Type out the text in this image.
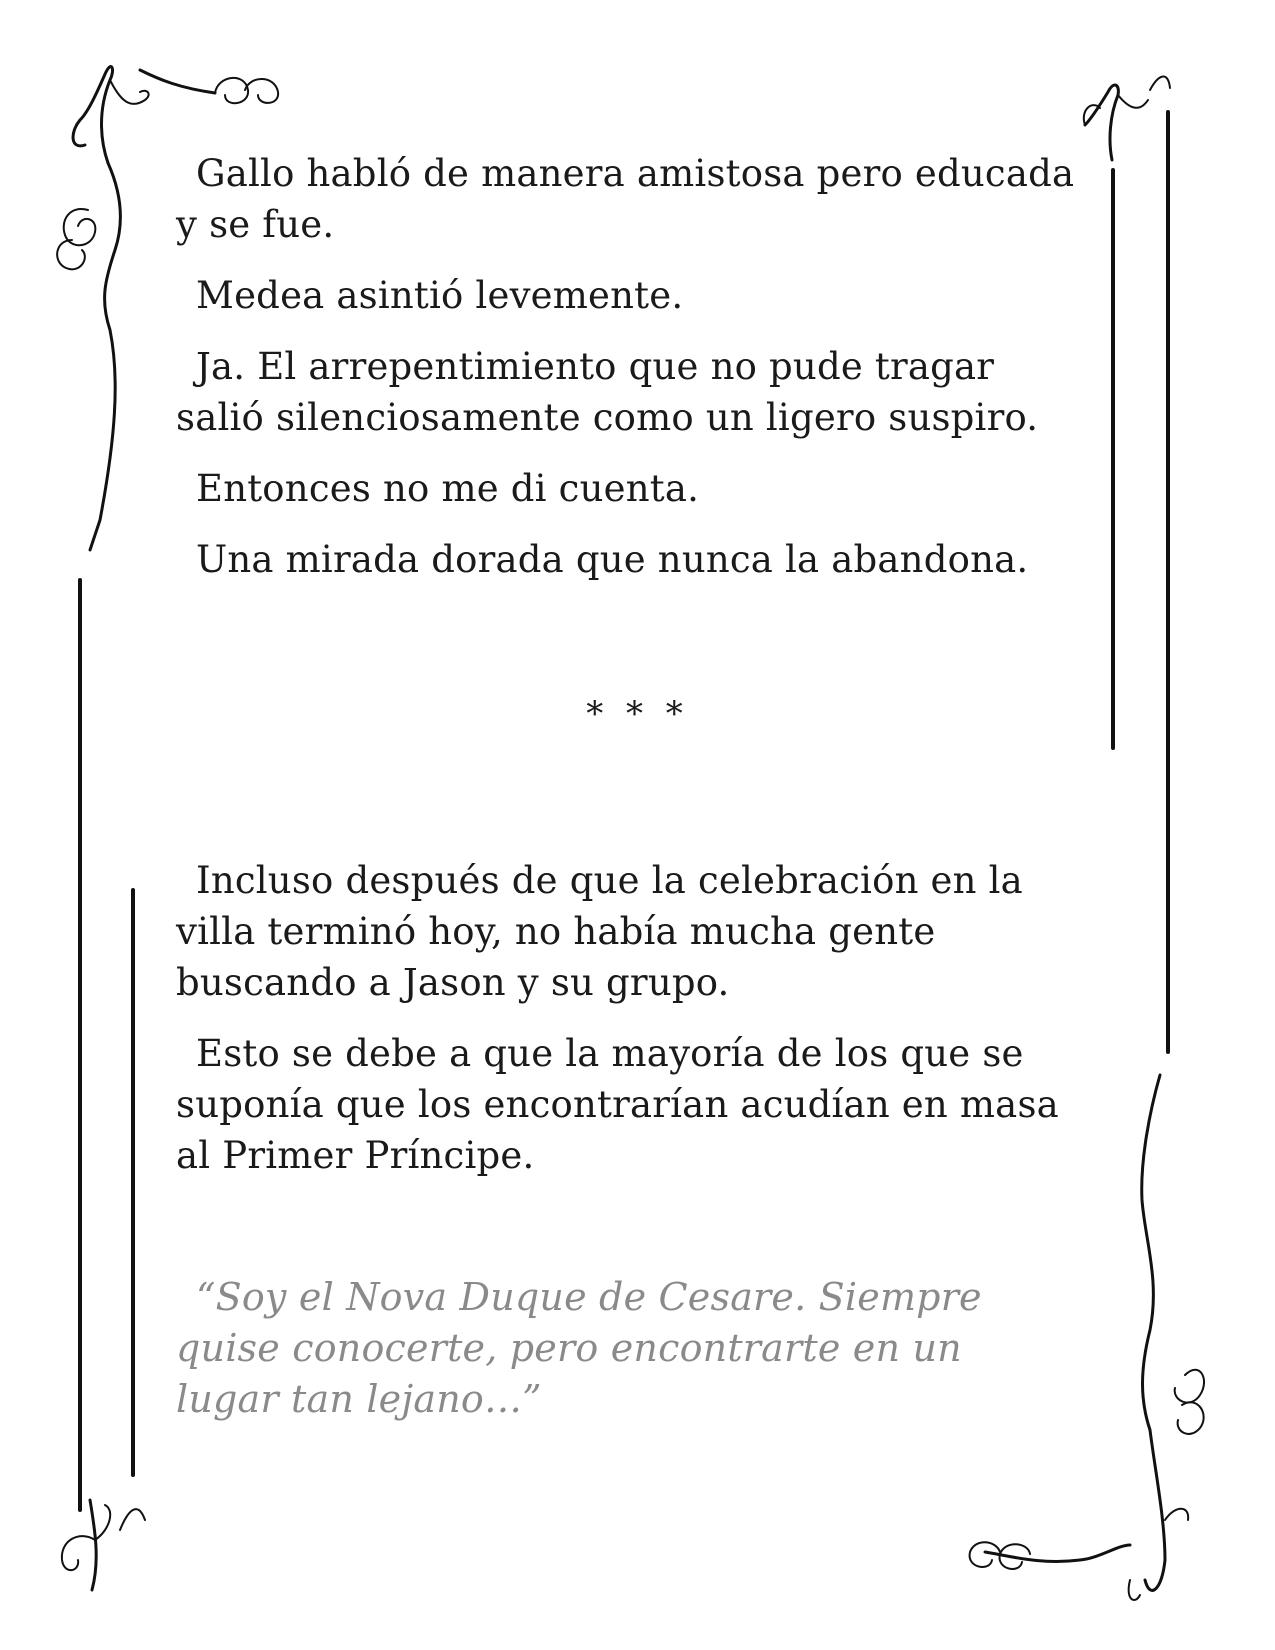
Gallo habló de manera amistosa pero educada y se fue.

Medea asintió levemente.

Ja. El arrepentimiento que no pude tragar salió silenciosamente como un ligero suspiro.

Entonces no me di cuenta.

Una mirada dorada que nunca la abandona.

* * *

Incluso después de que la celebración en la villa terminó hoy, no había mucha gente buscando a Jason y su grupo.

Esto se debe a que la mayoría de los que se suponía que los encontrarían acudían en masa al Primer Príncipe.

“Soy el Nova Duque de Cesare. Siempre quise conocerte, pero encontrarte en un lugar tan lejano…”
